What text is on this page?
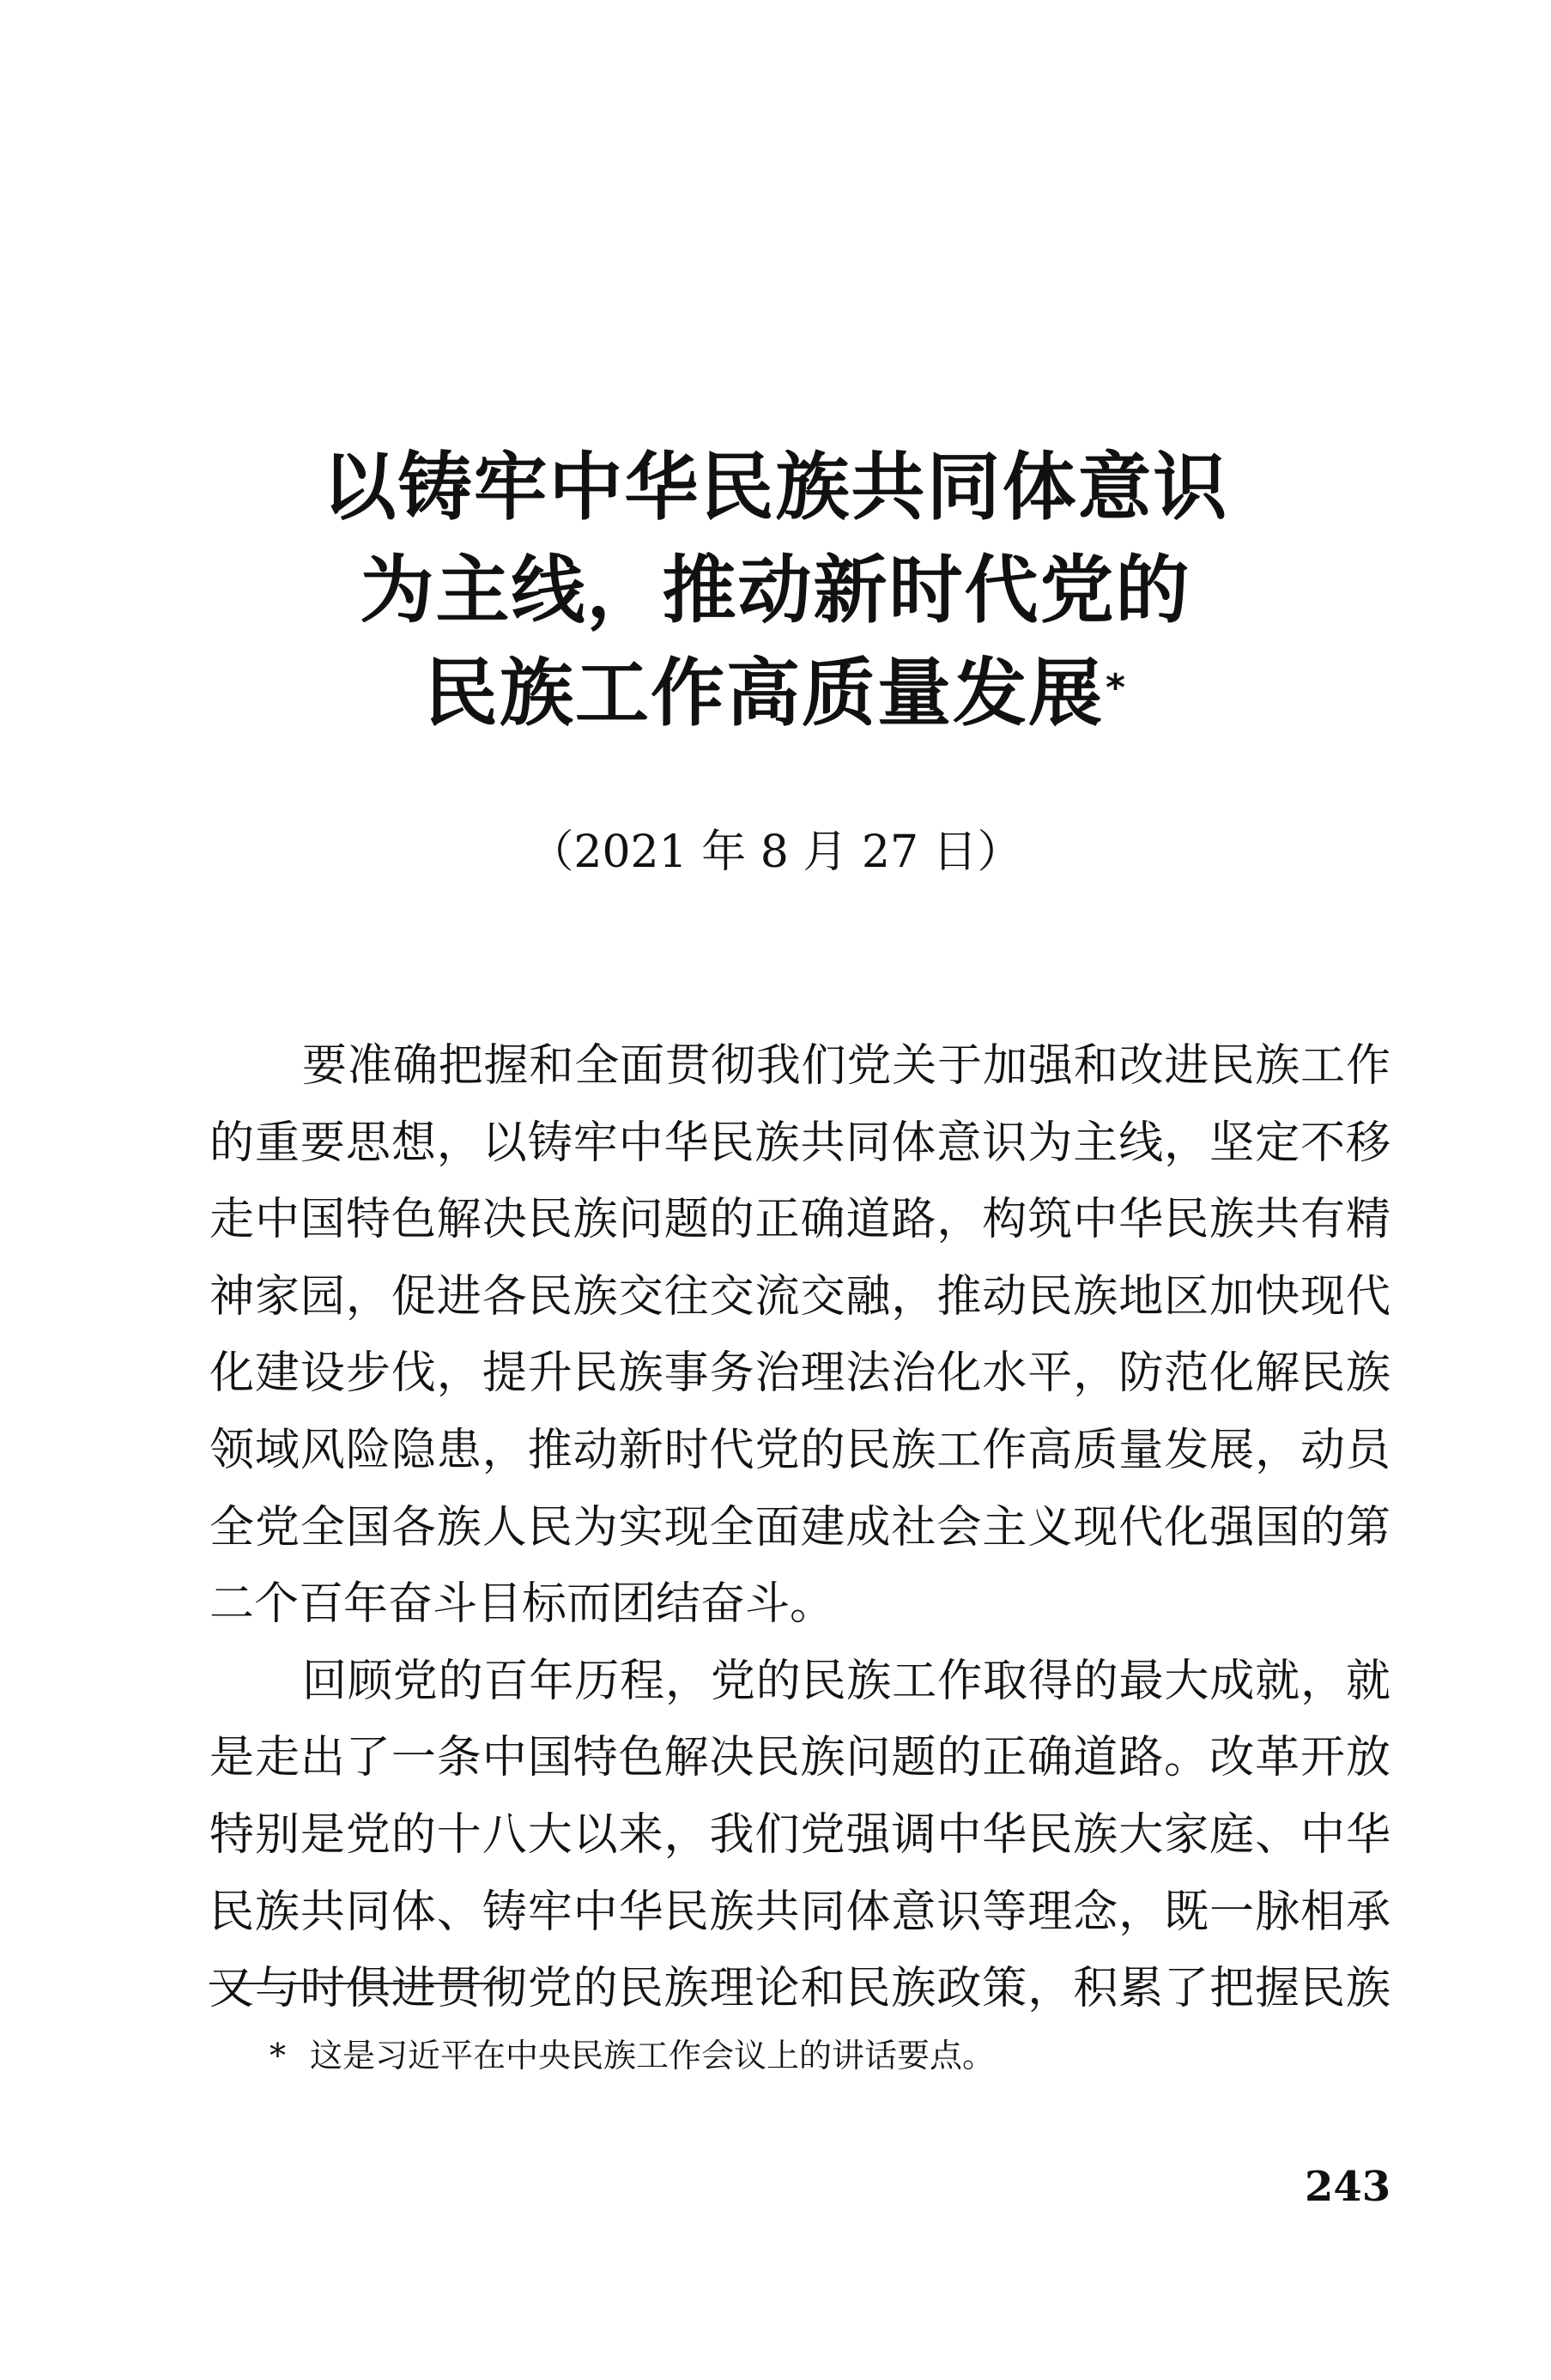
以铸牢中华民族共同体意识
为主线，推动新时代党的
民族工作高质量发展*
（2021 年 8 月 27 日）

要准确把握和全面贯彻我们党关于加强和改进民族工作
的重要思想，以铸牢中华民族共同体意识为主线，坚定不移
走中国特色解决民族问题的正确道路，构筑中华民族共有精
神家园，促进各民族交往交流交融，推动民族地区加快现代
化建设步伐，提升民族事务治理法治化水平，防范化解民族
领域风险隐患，推动新时代党的民族工作高质量发展，动员
全党全国各族人民为实现全面建成社会主义现代化强国的第
二个百年奋斗目标而团结奋斗。

回顾党的百年历程，党的民族工作取得的最大成就，就
是走出了一条中国特色解决民族问题的正确道路。改革开放
特别是党的十八大以来，我们党强调中华民族大家庭、中华
民族共同体、铸牢中华民族共同体意识等理念，既一脉相承
又与时俱进贯彻党的民族理论和民族政策，积累了把握民族

* 这是习近平在中央民族工作会议上的讲话要点。
243
